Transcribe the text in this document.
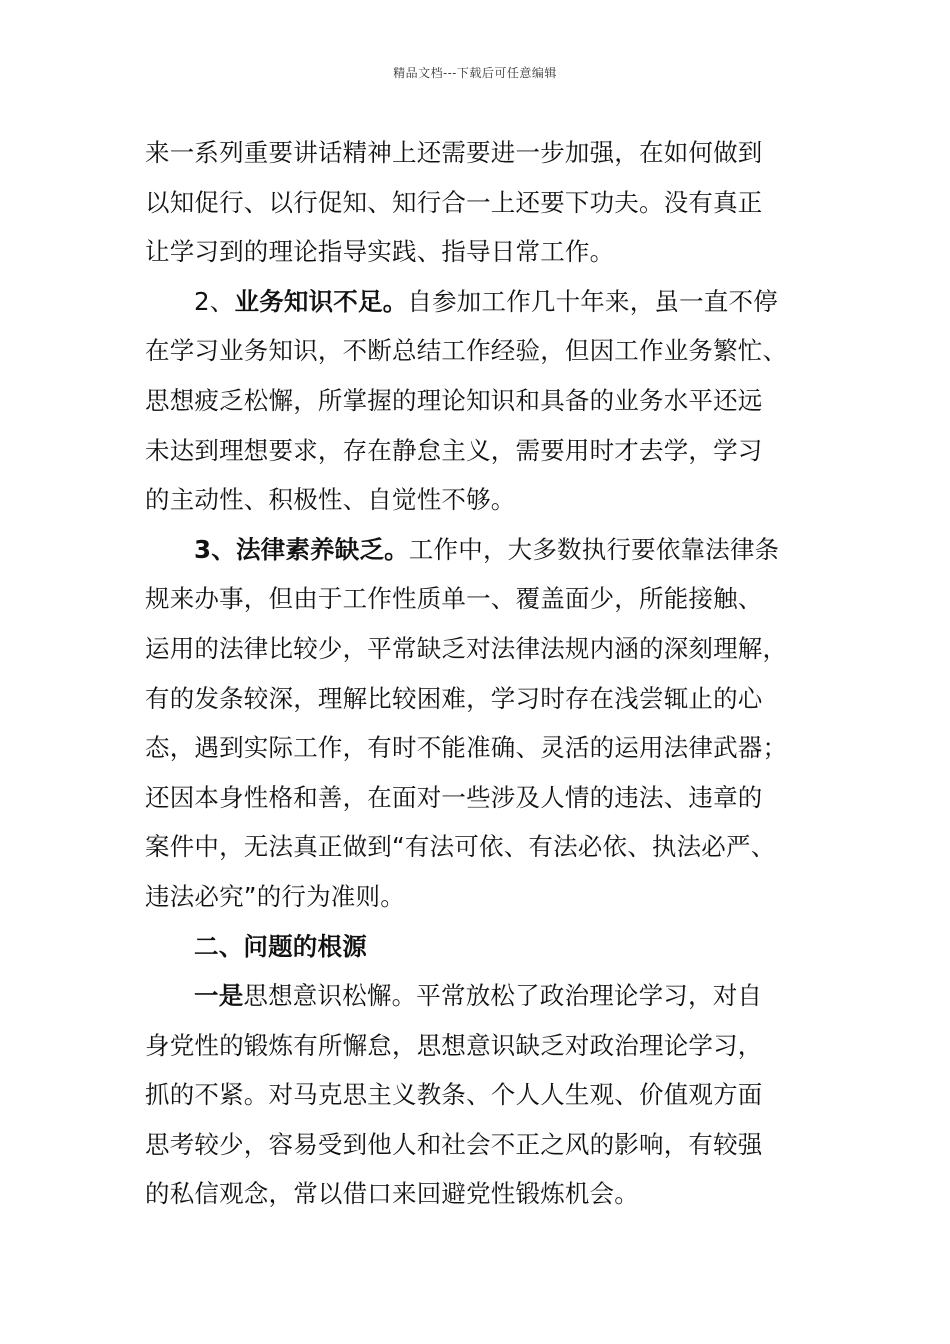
精品文档---下载后可任意编辑
来一系列重要讲话精神上还需要进一步加强，在如何做到
以知促行、以行促知、知行合一上还要下功夫。没有真正
让学习到的理论指导实践、指导日常工作。
2、业务知识不足。自参加工作几十年来，虽一直不停
在学习业务知识，不断总结工作经验，但因工作业务繁忙、
思想疲乏松懈，所掌握的理论知识和具备的业务水平还远
未达到理想要求，存在静怠主义，需要用时才去学，学习
的主动性、积极性、自觉性不够。
3、法律素养缺乏。工作中，大多数执行要依靠法律条
规来办事，但由于工作性质单一、覆盖面少，所能接触、
运用的法律比较少，平常缺乏对法律法规内涵的深刻理解，
有的发条较深，理解比较困难，学习时存在浅尝辄止的心
态，遇到实际工作，有时不能准确、灵活的运用法律武器；
还因本身性格和善，在面对一些涉及人情的违法、违章的
案件中，无法真正做到“有法可依、有法必依、执法必严、
违法必究”的行为准则。
二、问题的根源
一是思想意识松懈。平常放松了政治理论学习，对自
身党性的锻炼有所懈怠，思想意识缺乏对政治理论学习，
抓的不紧。对马克思主义教条、个人人生观、价值观方面
思考较少，容易受到他人和社会不正之风的影响，有较强
的私信观念，常以借口来回避党性锻炼机会。
